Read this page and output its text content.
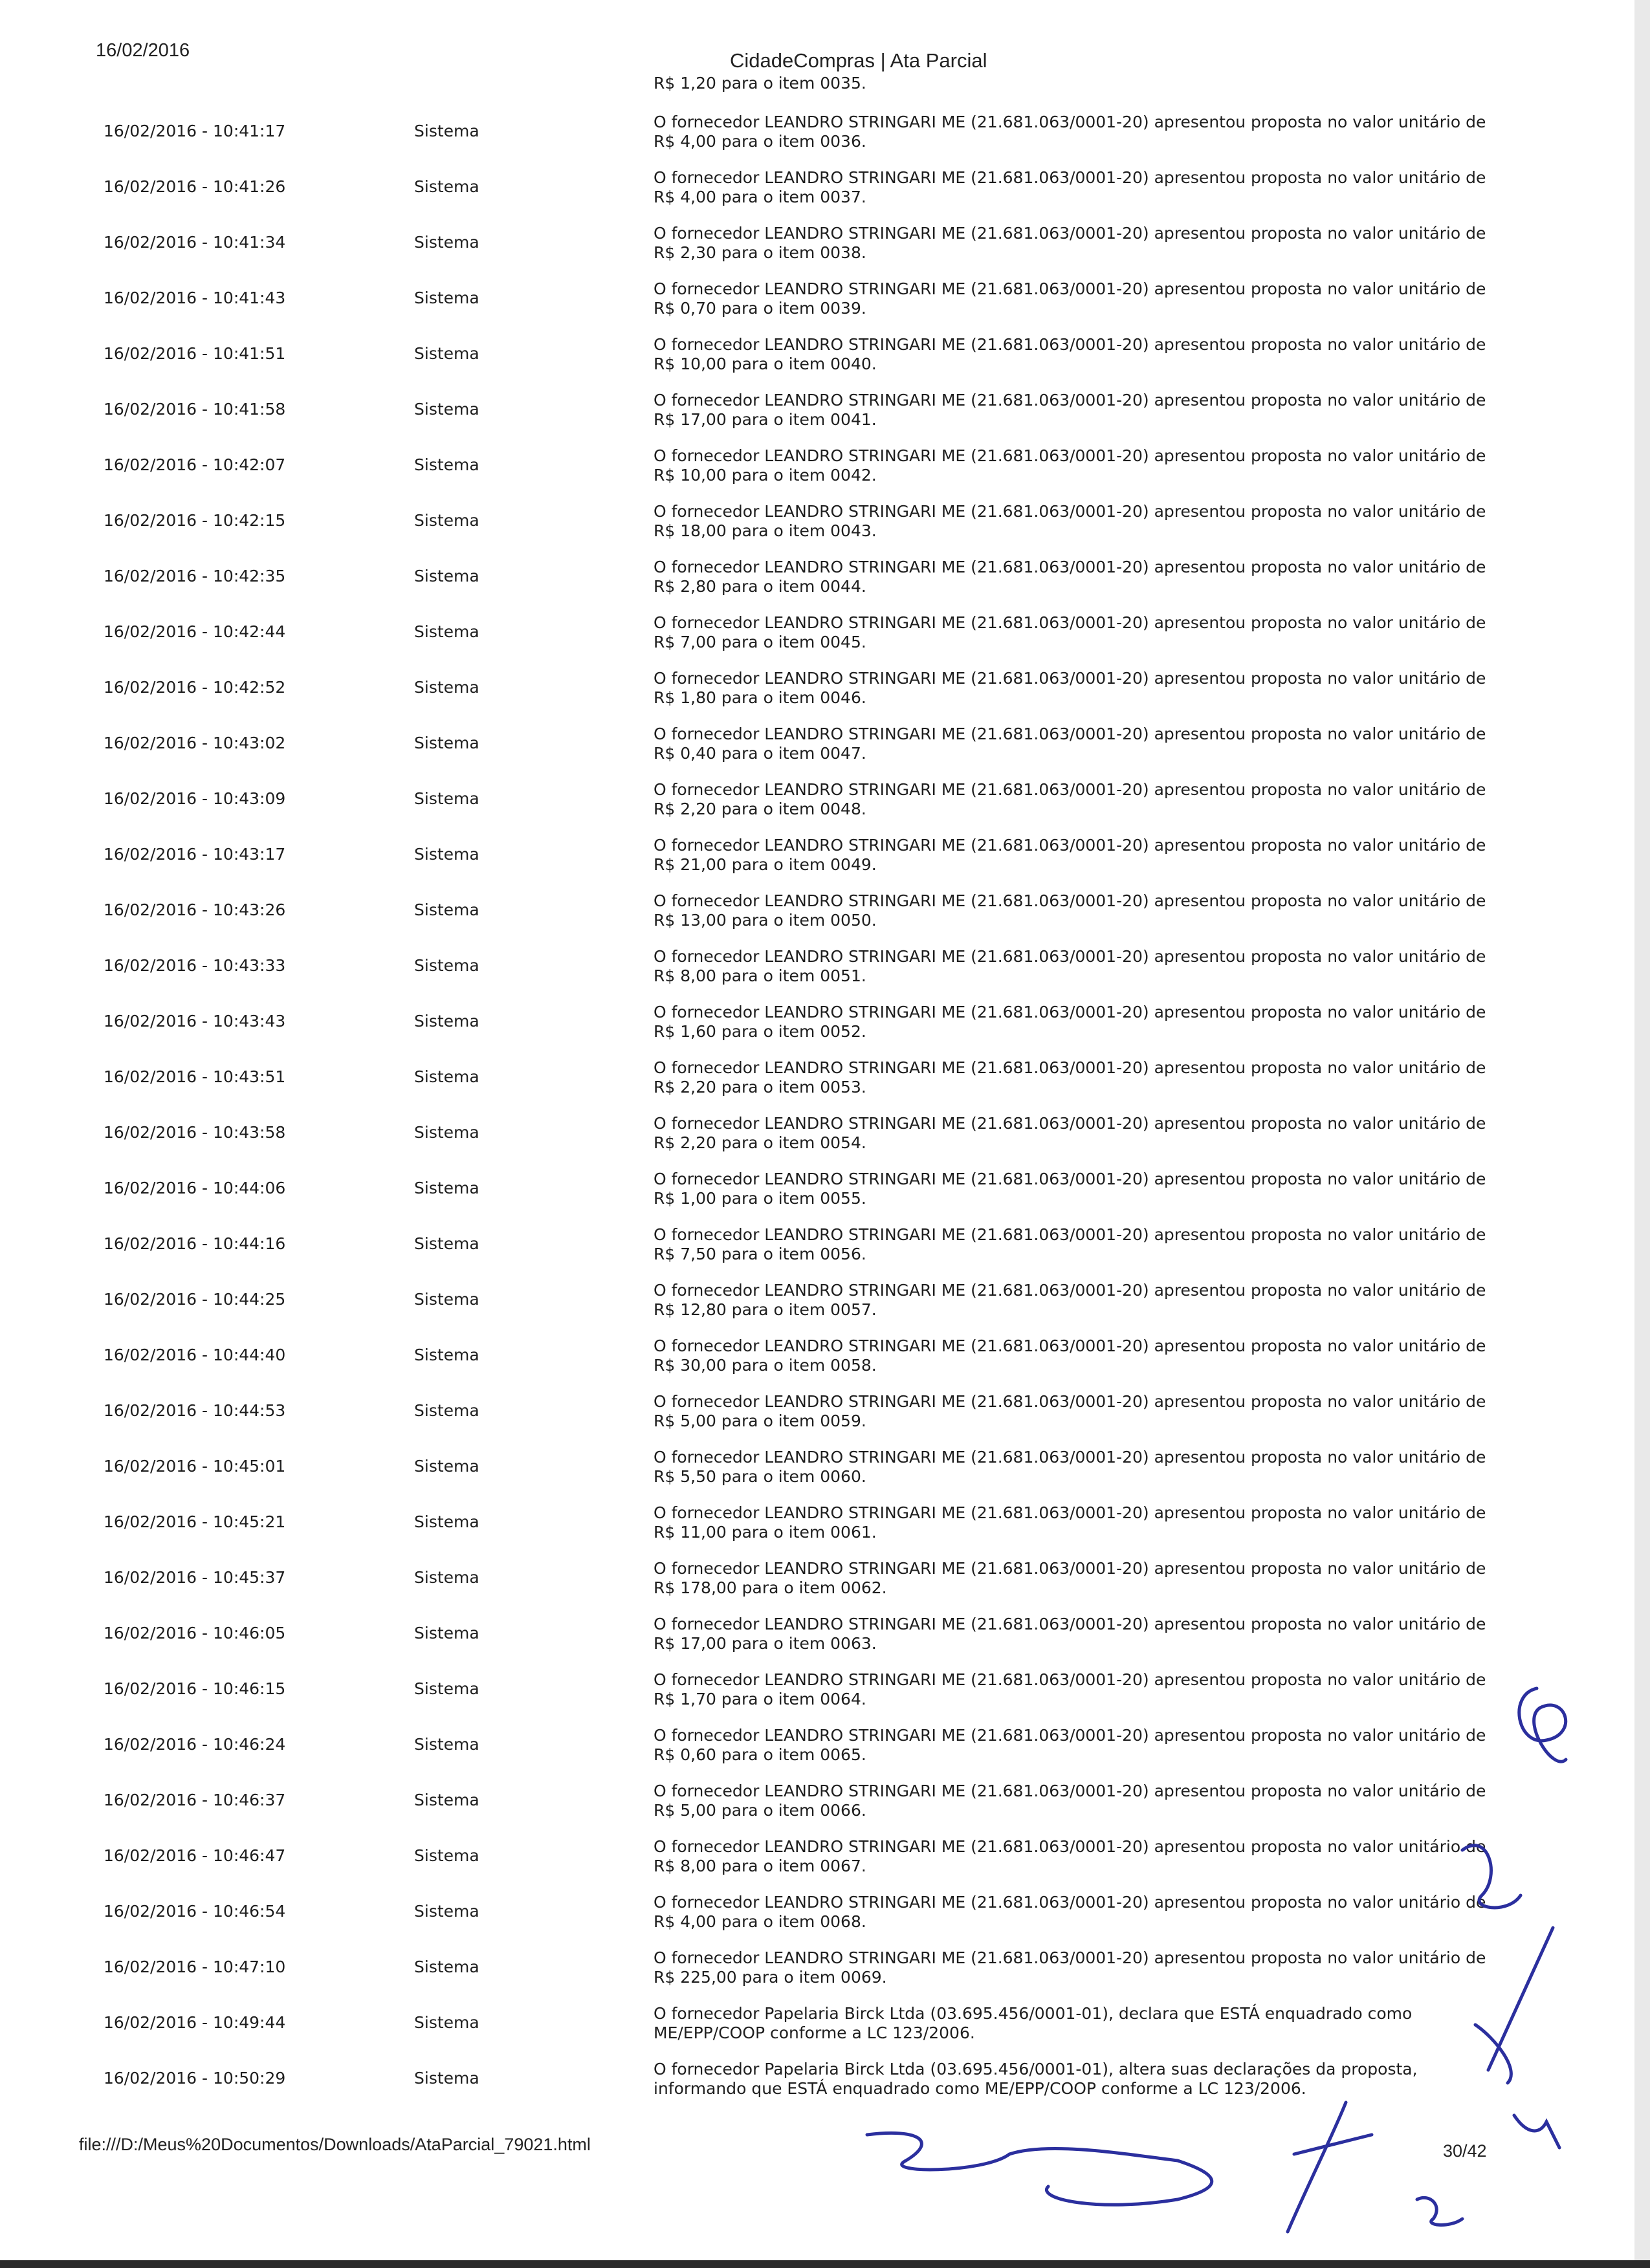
16/02/2016	CidadeCompras | Ata Parcial
R$ 1,20 para o item 0035.
16/02/2016 - 10:41:17	Sistema	O fornecedor LEANDRO STRINGARI ME (21.681.063/0001-20) apresentou proposta no valor unitário de
R$ 4,00 para o item 0036.
16/02/2016 - 10:41:26	Sistema	O fornecedor LEANDRO STRINGARI ME (21.681.063/0001-20) apresentou proposta no valor unitário de
R$ 4,00 para o item 0037.
16/02/2016 - 10:41:34	Sistema	O fornecedor LEANDRO STRINGARI ME (21.681.063/0001-20) apresentou proposta no valor unitário de
R$ 2,30 para o item 0038.
16/02/2016 - 10:41:43	Sistema	O fornecedor LEANDRO STRINGARI ME (21.681.063/0001-20) apresentou proposta no valor unitário de
R$ 0,70 para o item 0039.
16/02/2016 - 10:41:51	Sistema	O fornecedor LEANDRO STRINGARI ME (21.681.063/0001-20) apresentou proposta no valor unitário de
R$ 10,00 para o item 0040.
16/02/2016 - 10:41:58	Sistema	O fornecedor LEANDRO STRINGARI ME (21.681.063/0001-20) apresentou proposta no valor unitário de
R$ 17,00 para o item 0041.
16/02/2016 - 10:42:07	Sistema	O fornecedor LEANDRO STRINGARI ME (21.681.063/0001-20) apresentou proposta no valor unitário de
R$ 10,00 para o item 0042.
16/02/2016 - 10:42:15	Sistema	O fornecedor LEANDRO STRINGARI ME (21.681.063/0001-20) apresentou proposta no valor unitário de
R$ 18,00 para o item 0043.
16/02/2016 - 10:42:35	Sistema	O fornecedor LEANDRO STRINGARI ME (21.681.063/0001-20) apresentou proposta no valor unitário de
R$ 2,80 para o item 0044.
16/02/2016 - 10:42:44	Sistema	O fornecedor LEANDRO STRINGARI ME (21.681.063/0001-20) apresentou proposta no valor unitário de
R$ 7,00 para o item 0045.
16/02/2016 - 10:42:52	Sistema	O fornecedor LEANDRO STRINGARI ME (21.681.063/0001-20) apresentou proposta no valor unitário de
R$ 1,80 para o item 0046.
16/02/2016 - 10:43:02	Sistema	O fornecedor LEANDRO STRINGARI ME (21.681.063/0001-20) apresentou proposta no valor unitário de
R$ 0,40 para o item 0047.
16/02/2016 - 10:43:09	Sistema	O fornecedor LEANDRO STRINGARI ME (21.681.063/0001-20) apresentou proposta no valor unitário de
R$ 2,20 para o item 0048.
16/02/2016 - 10:43:17	Sistema	O fornecedor LEANDRO STRINGARI ME (21.681.063/0001-20) apresentou proposta no valor unitário de
R$ 21,00 para o item 0049.
16/02/2016 - 10:43:26	Sistema	O fornecedor LEANDRO STRINGARI ME (21.681.063/0001-20) apresentou proposta no valor unitário de
R$ 13,00 para o item 0050.
16/02/2016 - 10:43:33	Sistema	O fornecedor LEANDRO STRINGARI ME (21.681.063/0001-20) apresentou proposta no valor unitário de
R$ 8,00 para o item 0051.
16/02/2016 - 10:43:43	Sistema	O fornecedor LEANDRO STRINGARI ME (21.681.063/0001-20) apresentou proposta no valor unitário de
R$ 1,60 para o item 0052.
16/02/2016 - 10:43:51	Sistema	O fornecedor LEANDRO STRINGARI ME (21.681.063/0001-20) apresentou proposta no valor unitário de
R$ 2,20 para o item 0053.
16/02/2016 - 10:43:58	Sistema	O fornecedor LEANDRO STRINGARI ME (21.681.063/0001-20) apresentou proposta no valor unitário de
R$ 2,20 para o item 0054.
16/02/2016 - 10:44:06	Sistema	O fornecedor LEANDRO STRINGARI ME (21.681.063/0001-20) apresentou proposta no valor unitário de
R$ 1,00 para o item 0055.
16/02/2016 - 10:44:16	Sistema	O fornecedor LEANDRO STRINGARI ME (21.681.063/0001-20) apresentou proposta no valor unitário de
R$ 7,50 para o item 0056.
16/02/2016 - 10:44:25	Sistema	O fornecedor LEANDRO STRINGARI ME (21.681.063/0001-20) apresentou proposta no valor unitário de
R$ 12,80 para o item 0057.
16/02/2016 - 10:44:40	Sistema	O fornecedor LEANDRO STRINGARI ME (21.681.063/0001-20) apresentou proposta no valor unitário de
R$ 30,00 para o item 0058.
16/02/2016 - 10:44:53	Sistema	O fornecedor LEANDRO STRINGARI ME (21.681.063/0001-20) apresentou proposta no valor unitário de
R$ 5,00 para o item 0059.
16/02/2016 - 10:45:01	Sistema	O fornecedor LEANDRO STRINGARI ME (21.681.063/0001-20) apresentou proposta no valor unitário de
R$ 5,50 para o item 0060.
16/02/2016 - 10:45:21	Sistema	O fornecedor LEANDRO STRINGARI ME (21.681.063/0001-20) apresentou proposta no valor unitário de
R$ 11,00 para o item 0061.
16/02/2016 - 10:45:37	Sistema	O fornecedor LEANDRO STRINGARI ME (21.681.063/0001-20) apresentou proposta no valor unitário de
R$ 178,00 para o item 0062.
16/02/2016 - 10:46:05	Sistema	O fornecedor LEANDRO STRINGARI ME (21.681.063/0001-20) apresentou proposta no valor unitário de
R$ 17,00 para o item 0063.
16/02/2016 - 10:46:15	Sistema	O fornecedor LEANDRO STRINGARI ME (21.681.063/0001-20) apresentou proposta no valor unitário de
R$ 1,70 para o item 0064.
16/02/2016 - 10:46:24	Sistema	O fornecedor LEANDRO STRINGARI ME (21.681.063/0001-20) apresentou proposta no valor unitário de
R$ 0,60 para o item 0065.
16/02/2016 - 10:46:37	Sistema	O fornecedor LEANDRO STRINGARI ME (21.681.063/0001-20) apresentou proposta no valor unitário de
R$ 5,00 para o item 0066.
16/02/2016 - 10:46:47	Sistema	O fornecedor LEANDRO STRINGARI ME (21.681.063/0001-20) apresentou proposta no valor unitário de
R$ 8,00 para o item 0067.
16/02/2016 - 10:46:54	Sistema	O fornecedor LEANDRO STRINGARI ME (21.681.063/0001-20) apresentou proposta no valor unitário de
R$ 4,00 para o item 0068.
16/02/2016 - 10:47:10	Sistema	O fornecedor LEANDRO STRINGARI ME (21.681.063/0001-20) apresentou proposta no valor unitário de
R$ 225,00 para o item 0069.
16/02/2016 - 10:49:44	Sistema	O fornecedor Papelaria Birck Ltda (03.695.456/0001-01), declara que ESTÁ enquadrado como
ME/EPP/COOP conforme a LC 123/2006.
16/02/2016 - 10:50:29	Sistema	O fornecedor Papelaria Birck Ltda (03.695.456/0001-01), altera suas declarações da proposta,
informando que ESTÁ enquadrado como ME/EPP/COOP conforme a LC 123/2006.
file:///D:/Meus%20Documentos/Downloads/AtaParcial_79021.html	30/42
